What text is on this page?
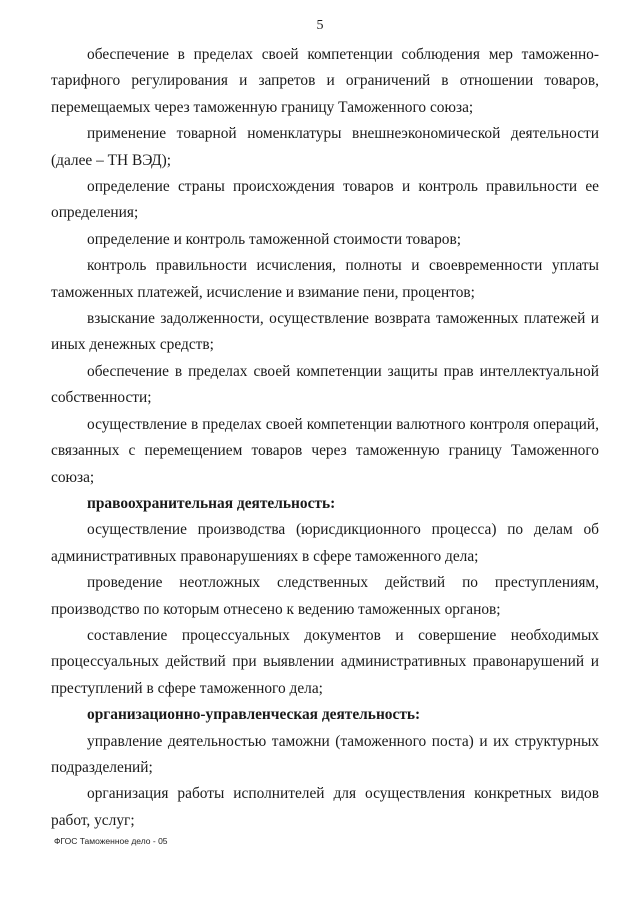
5

обеспечение в пределах своей компетенции соблюдения мер таможенно-тарифного регулирования и запретов и ограничений в отношении товаров, перемещаемых через таможенную границу Таможенного союза;

применение товарной номенклатуры внешнеэкономической деятельности (далее – ТН ВЭД);

определение страны происхождения товаров и контроль правильности ее определения;

определение и контроль таможенной стоимости товаров;

контроль правильности исчисления, полноты и своевременности уплаты таможенных платежей, исчисление и взимание пени, процентов;

взыскание задолженности, осуществление возврата таможенных платежей и иных денежных средств;

обеспечение в пределах своей компетенции защиты прав интеллектуальной собственности;

осуществление в пределах своей компетенции валютного контроля операций, связанных с перемещением товаров через таможенную границу Таможенного союза;

правоохранительная деятельность:

осуществление производства (юрисдикционного процесса) по делам об административных правонарушениях в сфере таможенного дела;

проведение неотложных следственных действий по преступлениям, производство по которым отнесено к ведению таможенных органов;

составление процессуальных документов и совершение необходимых процессуальных действий при выявлении административных правонарушений и преступлений в сфере таможенного дела;

организационно-управленческая деятельность:

управление деятельностью таможни (таможенного поста) и их структурных подразделений;

организация работы исполнителей для осуществления конкретных видов работ, услуг;

ФГОС Таможенное дело - 05
